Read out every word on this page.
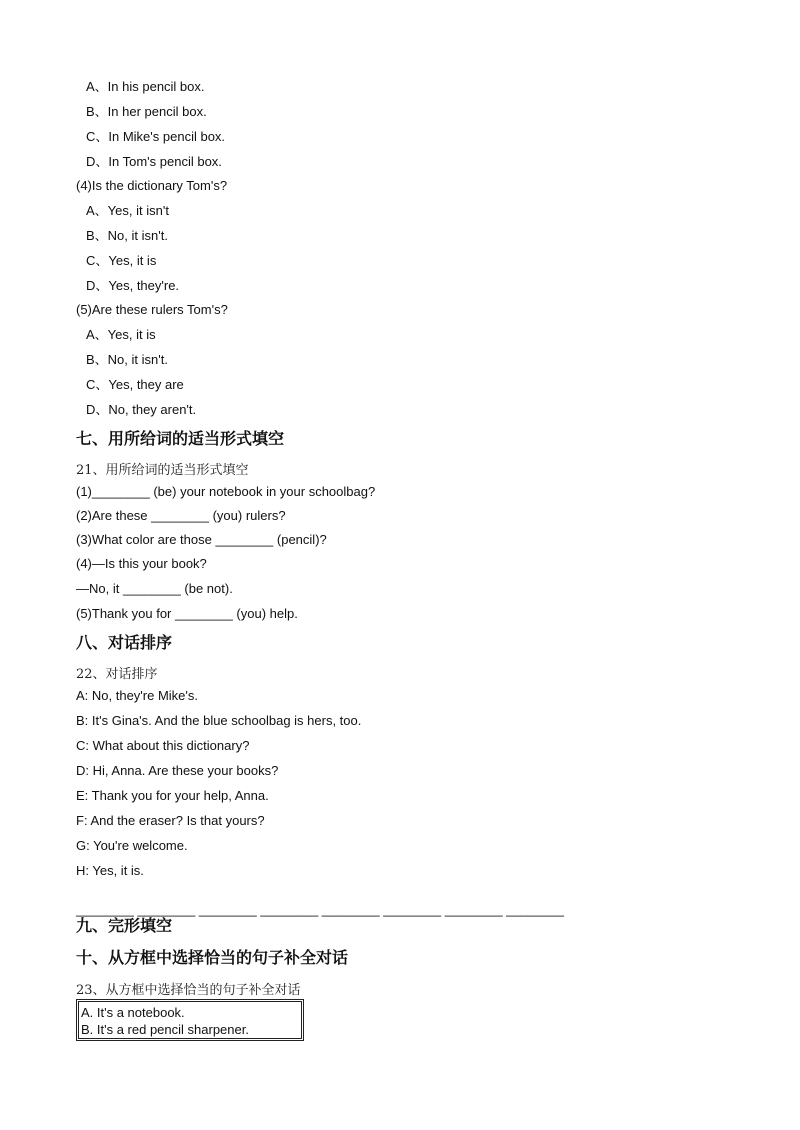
A、In his pencil box.
B、In her pencil box.
C、In Mike's pencil box.
D、In Tom's pencil box.
(4)Is the dictionary Tom's?
A、Yes, it isn't
B、No, it isn't.
C、Yes, it is
D、Yes, they're.
(5)Are these rulers Tom's?
A、Yes, it is
B、No, it isn't.
C、Yes, they are
D、No, they aren't.
七、用所给词的适当形式填空
21、用所给词的适当形式填空
(1)________ (be) your notebook in your schoolbag?
(2)Are these ________ (you) rulers?
(3)What color are those ________ (pencil)?
(4)—Is this your book?
—No, it ________ (be not).
(5)Thank you for ________ (you) help.
八、对话排序
22、对话排序
A: No, they're Mike's.
B: It's Gina's. And the blue schoolbag is hers, too.
C: What about this dictionary?
D: Hi, Anna. Are these your books?
E: Thank you for your help, Anna.
F: And the eraser? Is that yours?
G: You're welcome.
H: Yes, it is.
________ ________ ________ ________ ________ ________ ________ ________
九、完形填空
十、从方框中选择恰当的句子补全对话
23、从方框中选择恰当的句子补全对话
A. It's a notebook.
B. It's a red pencil sharpener.
